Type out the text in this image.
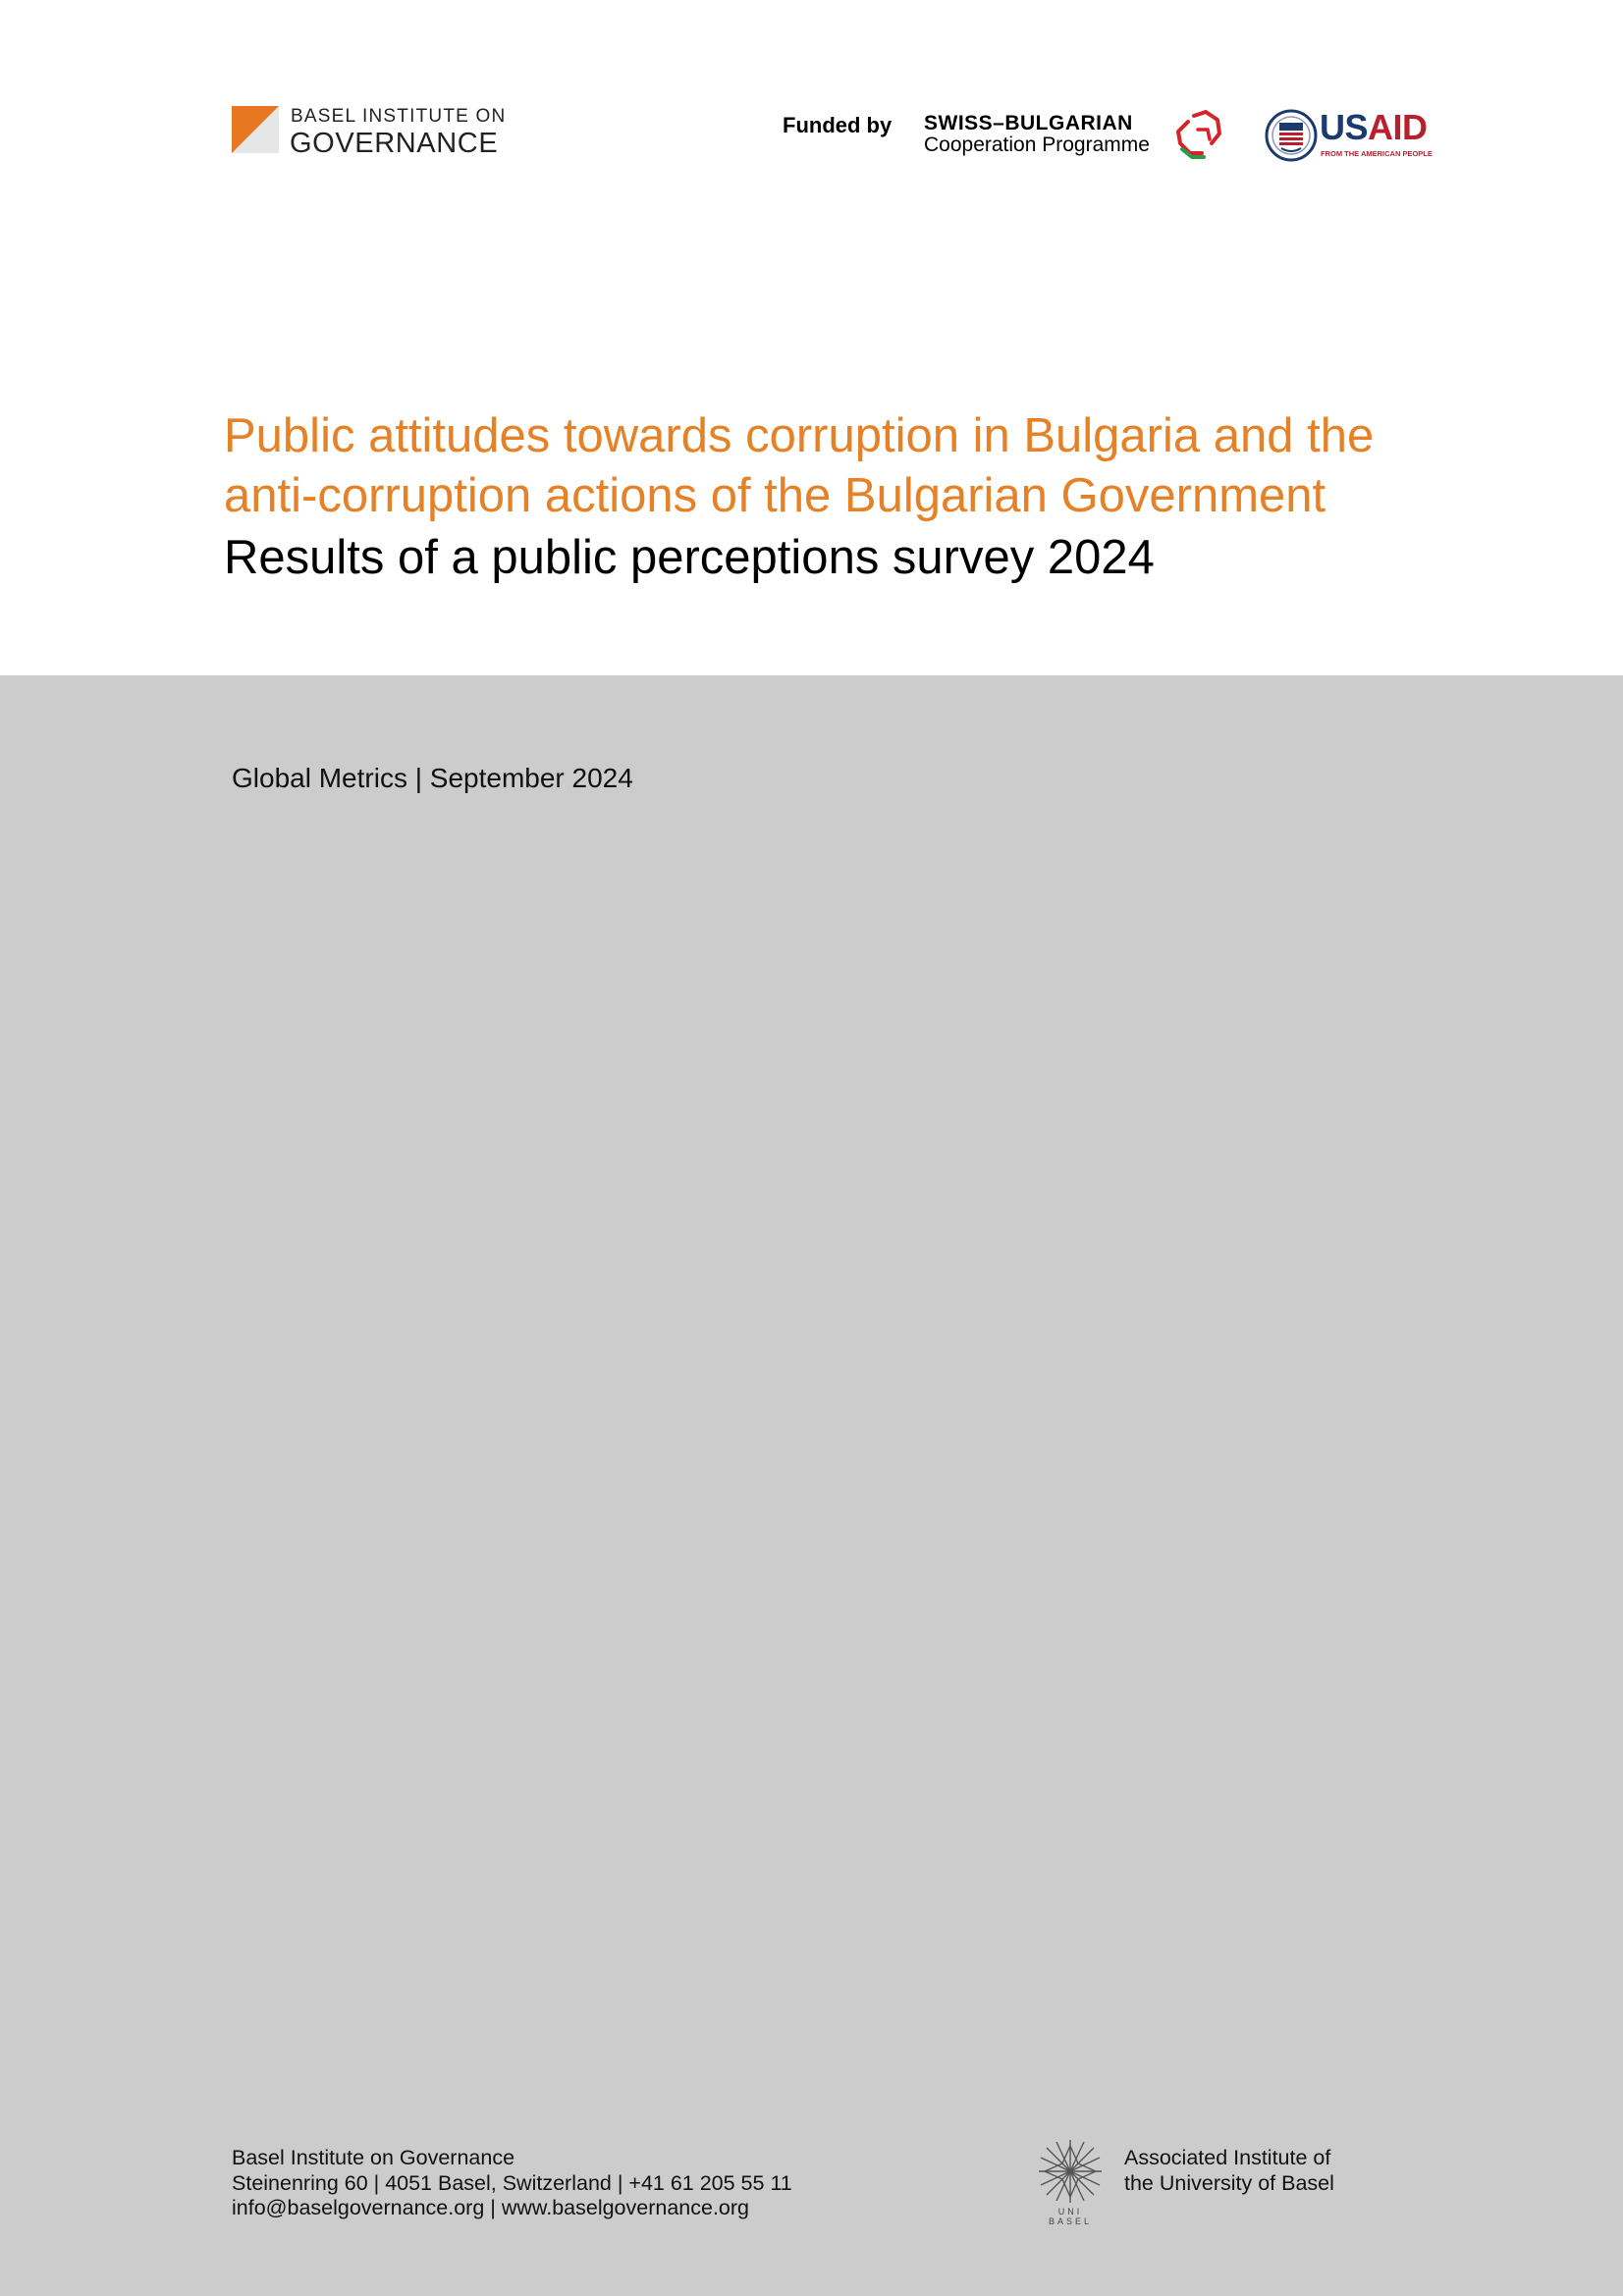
BASEL INSTITUTE ON
GOVERNANCE
Funded by SWISS–BULGARIAN
Cooperation Programme	USAID
FROM THE AMERICAN PEOPLE
Public attitudes towards corruption in Bulgaria and the
anti-corruption actions of the Bulgarian Government
Results of a public perceptions survey 2024
Global Metrics | September 2024
Basel Institute on Governance
Steinenring 60 | 4051 Basel, Switzerland | +41 61 205 55 11
info@baselgovernance.org | www.baselgovernance.org	UNI
BASEL
Associated Institute of
the University of Basel
